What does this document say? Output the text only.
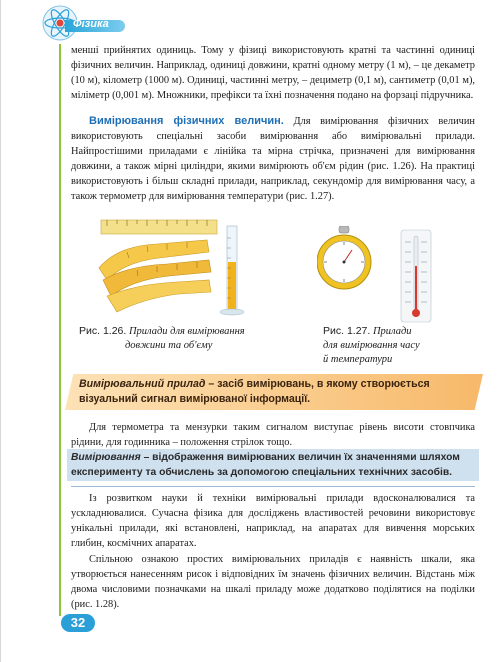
Фізика

менші прийнятих одиниць. Тому у фізиці використовують кратні та частинні одиниці фізичних величин. Наприклад, одиниці довжини, кратні одному метру (1 м), – це декаметр (10 м), кілометр (1000 м). Одиниці, частинні метру, – дециметр (0,1 м), сантиметр (0,01 м), міліметр (0,001 м). Множники, префікси та їхні позначення подано на форзаці підручника.

Вимірювання фізичних величин. Для вимірювання фізичних величин використовують спеціальні засоби вимірювання або вимірювальні прилади. Найпростішими приладами є лінійка та мірна стрічка, призначені для вимірювання довжини, а також мірні циліндри, якими вимірюють об'єм рідин (рис. 1.26). На практиці використовують і більш складні прилади, наприклад, секундомір для вимірювання часу, а також термометр для вимірювання температури (рис. 1.27).

Рис. 1.26. Прилади для вимірювання
довжини та об'єму
Рис. 1.27. Прилади
для вимірювання часу
й температури
Вимірювальний прилад – засіб вимірювань, в якому створюється візуальний сигнал вимірюваної інформації.

Для термометра та мензурки таким сигналом виступає рівень висоти стовпчика рідини, для годинника – положення стрілок тощо.

Вимірювання – відображення вимірюваних величин їх значеннями шляхом експерименту та обчислень за допомогою спеціальних технічних засобів.

Із розвитком науки й техніки вимірювальні прилади вдосконалювалися та ускладнювалися. Сучасна фізика для досліджень властивостей речовини використовує унікальні прилади, які встановлені, наприклад, на апаратах для вивчення морських глибин, космічних апаратах.

Спільною ознакою простих вимірювальних приладів є наявність шкали, яка утворюється нанесенням рисок і відповідних їм значень фізичних величин. Відстань між двома числовими позначками на шкалі приладу може додатково поділятися на поділки (рис. 1.28).

32
